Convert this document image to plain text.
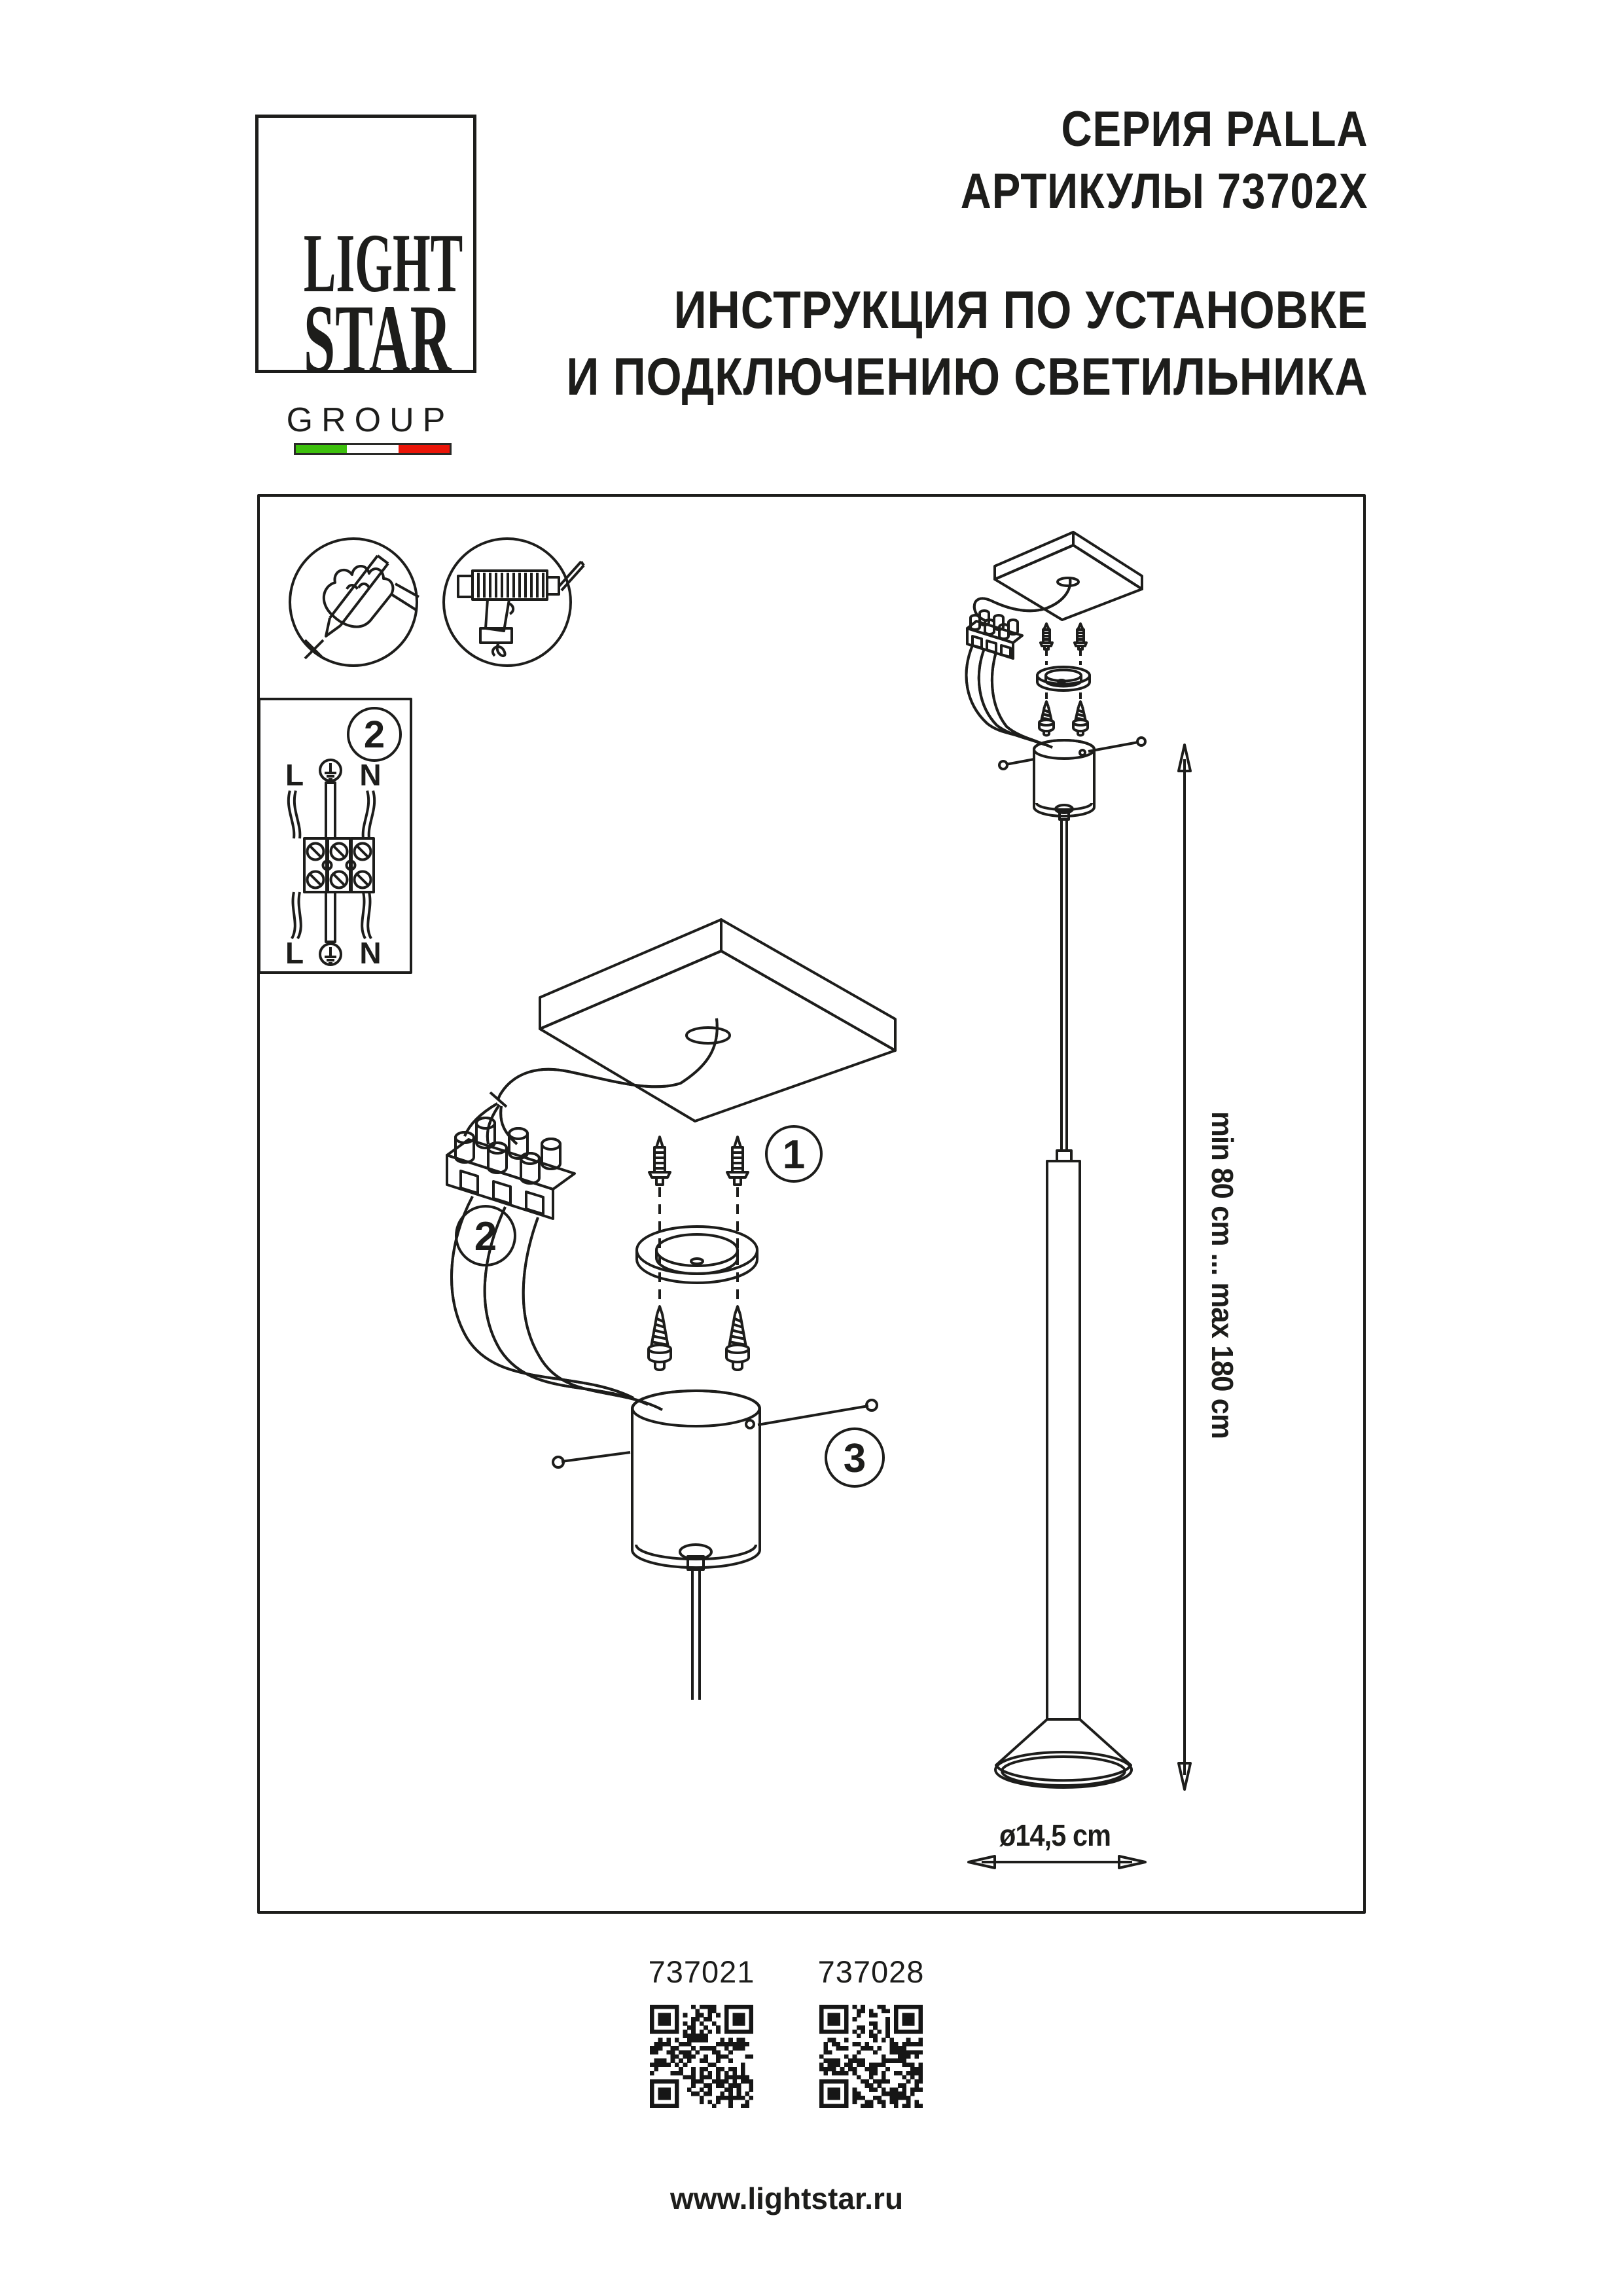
LIGHT
STAR
GROUP
СЕРИЯ PALLA
АРТИКУЛЫ 73702X
ИНСТРУКЦИЯ ПО УСТАНОВКЕ
И ПОДКЛЮЧЕНИЮ СВЕТИЛЬНИКА
2
L N
L N
2
1
3
min 80 cm ... max 180 cm
ø14,5 cm
737021 737028
www.lightstar.ru
